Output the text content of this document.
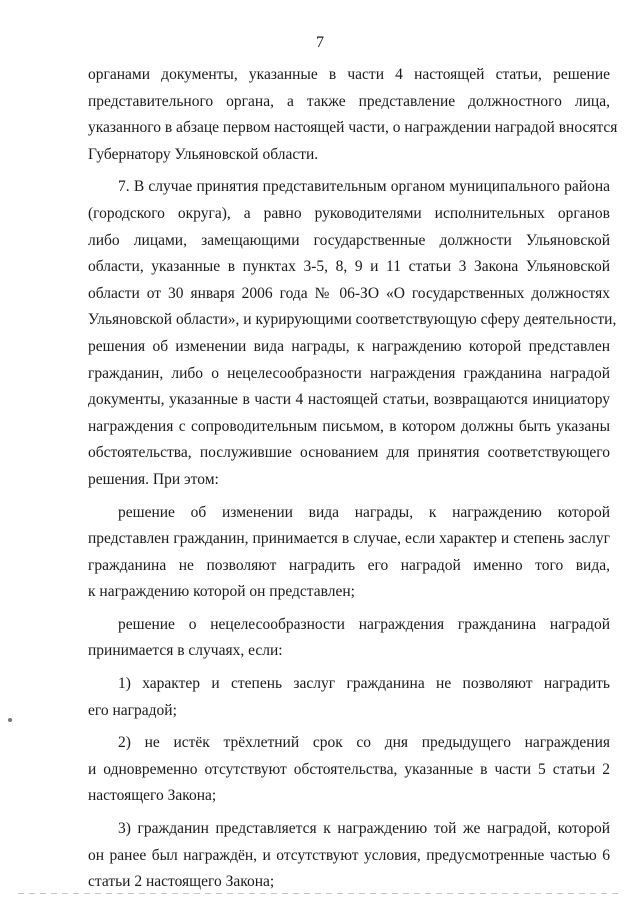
7

органами документы, указанные в части 4 настоящей статьи, решение
представительного органа, а также представление должностного лица,
указанного в абзаце первом настоящей части, о награждении наградой вносятся
Губернатору Ульяновской области.

7. В случае принятия представительным органом муниципального района
(городского округа), а равно руководителями исполнительных органов
либо лицами, замещающими государственные должности Ульяновской
области, указанные в пунктах 3-5, 8, 9 и 11 статьи 3 Закона Ульяновской
области от 30 января 2006 года № 06-ЗО «О государственных должностях
Ульяновской области», и курирующими соответствующую сферу деятельности,
решения об изменении вида награды, к награждению которой представлен
гражданин, либо о нецелесообразности награждения гражданина наградой
документы, указанные в части 4 настоящей статьи, возвращаются инициатору
награждения с сопроводительным письмом, в котором должны быть указаны
обстоятельства, послужившие основанием для принятия соответствующего
решения. При этом:

решение об изменении вида награды, к награждению которой
представлен гражданин, принимается в случае, если характер и степень заслуг
гражданина не позволяют наградить его наградой именно того вида,
к награждению которой он представлен;

решение о нецелесообразности награждения гражданина наградой
принимается в случаях, если:

1) характер и степень заслуг гражданина не позволяют наградить
его наградой;

2) не истёк трёхлетний срок со дня предыдущего награждения
и одновременно отсутствуют обстоятельства, указанные в части 5 статьи 2
настоящего Закона;

3) гражданин представляется к награждению той же наградой, которой
он ранее был награждён, и отсутствуют условия, предусмотренные частью 6
статьи 2 настоящего Закона;
